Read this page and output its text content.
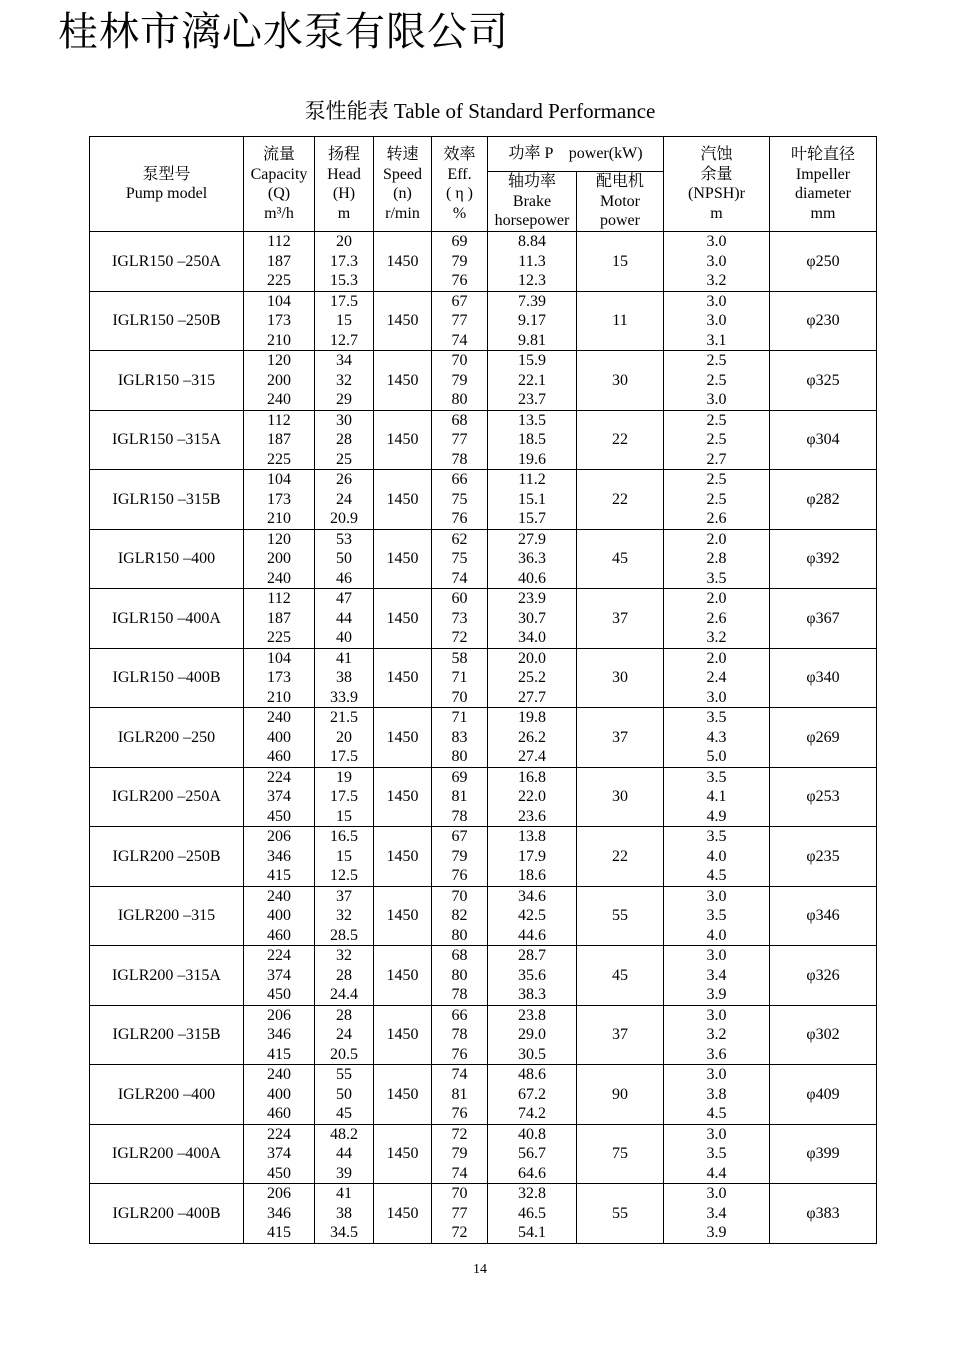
桂林市漓心水泵有限公司
泵性能表 Table of Standard Performance
泵型号
Pump model	流量
Capacity
(Q)
m³/h	扬程
Head
(H)
m	转速
Speed
(n)
r/min	效率
Eff.
( η )
%	功率 P    power(kW)		汽蚀
余量
(NPSH)r
m	叶轮直径
Impeller
diameter
mm
					轴功率
Brake
horsepower	配电机
Motor
power		
IGLR150 –250A	112
187
225	20
17.3
15.3	1450	69
79
76	8.84
11.3
12.3	15	3.0
3.0
3.2	φ250
IGLR150 –250B	104
173
210	17.5
15
12.7	1450	67
77
74	7.39
9.17
9.81	11	3.0
3.0
3.1	φ230
IGLR150 –315	120
200
240	34
32
29	1450	70
79
80	15.9
22.1
23.7	30	2.5
2.5
3.0	φ325
IGLR150 –315A	112
187
225	30
28
25	1450	68
77
78	13.5
18.5
19.6	22	2.5
2.5
2.7	φ304
IGLR150 –315B	104
173
210	26
24
20.9	1450	66
75
76	11.2
15.1
15.7	22	2.5
2.5
2.6	φ282
IGLR150 –400	120
200
240	53
50
46	1450	62
75
74	27.9
36.3
40.6	45	2.0
2.8
3.5	φ392
IGLR150 –400A	112
187
225	47
44
40	1450	60
73
72	23.9
30.7
34.0	37	2.0
2.6
3.2	φ367
IGLR150 –400B	104
173
210	41
38
33.9	1450	58
71
70	20.0
25.2
27.7	30	2.0
2.4
3.0	φ340
IGLR200 –250	240
400
460	21.5
20
17.5	1450	71
83
80	19.8
26.2
27.4	37	3.5
4.3
5.0	φ269
IGLR200 –250A	224
374
450	19
17.5
15	1450	69
81
78	16.8
22.0
23.6	30	3.5
4.1
4.9	φ253
IGLR200 –250B	206
346
415	16.5
15
12.5	1450	67
79
76	13.8
17.9
18.6	22	3.5
4.0
4.5	φ235
IGLR200 –315	240
400
460	37
32
28.5	1450	70
82
80	34.6
42.5
44.6	55	3.0
3.5
4.0	φ346
IGLR200 –315A	224
374
450	32
28
24.4	1450	68
80
78	28.7
35.6
38.3	45	3.0
3.4
3.9	φ326
IGLR200 –315B	206
346
415	28
24
20.5	1450	66
78
76	23.8
29.0
30.5	37	3.0
3.2
3.6	φ302
IGLR200 –400	240
400
460	55
50
45	1450	74
81
76	48.6
67.2
74.2	90	3.0
3.8
4.5	φ409
IGLR200 –400A	224
374
450	48.2
44
39	1450	72
79
74	40.8
56.7
64.6	75	3.0
3.5
4.4	φ399
IGLR200 –400B	206
346
415	41
38
34.5	1450	70
77
72	32.8
46.5
54.1	55	3.0
3.4
3.9	φ383
14
